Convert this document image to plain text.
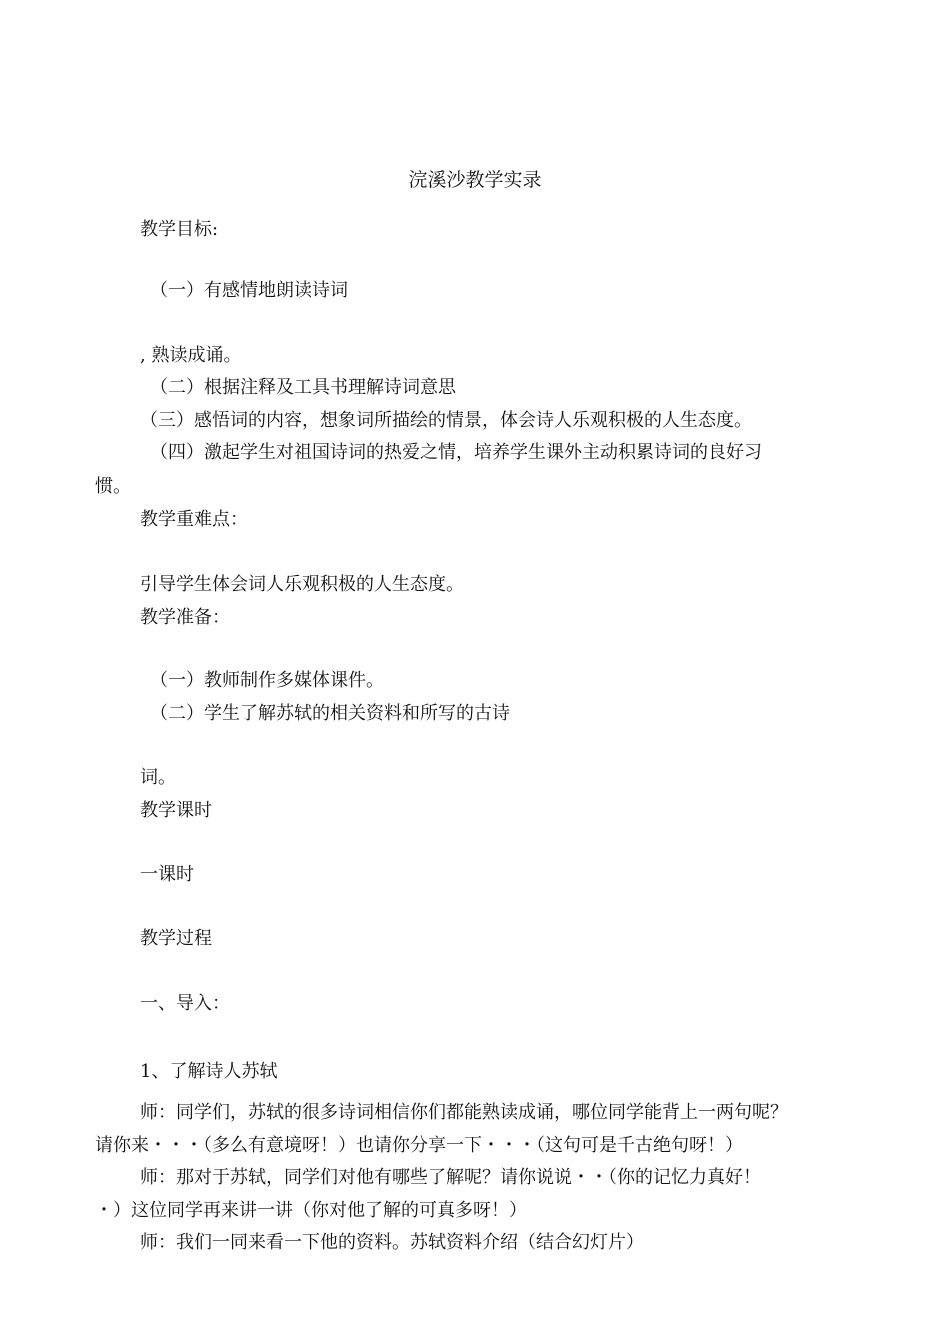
浣溪沙教学实录
教学目标:
（一）有感情地朗读诗词
, 熟读成诵。
（二）根据注释及工具书理解诗词意思
（三）感悟词的内容，想象词所描绘的情景，体会诗人乐观积极的人生态度。
（四）激起学生对祖国诗词的热爱之情，培养学生课外主动积累诗词的良好习
惯。
教学重难点：
引导学生体会词人乐观积极的人生态度。
教学准备：
（一）教师制作多媒体课件。
（二）学生了解苏轼的相关资料和所写的古诗
词。
教学课时
一课时
教学过程
一、导入：
1、了解诗人苏轼
师：同学们，苏轼的很多诗词相信你们都能熟读成诵，哪位同学能背上一两句呢？
请你来・・・（多么有意境呀！）也请你分享一下・・・（这句可是千古绝句呀！）
师：那对于苏轼，同学们对他有哪些了解呢？请你说说・・（你的记忆力真好！
・）这位同学再来讲一讲（你对他了解的可真多呀！）
师：我们一同来看一下他的资料。苏轼资料介绍（结合幻灯片）
